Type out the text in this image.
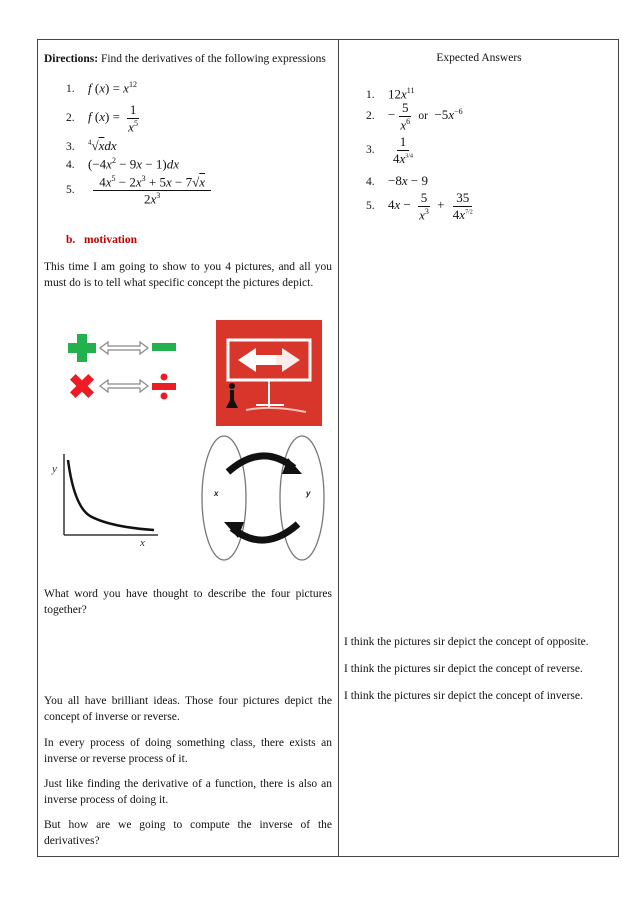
Directions: Find the derivatives of the following expressions
1. f $(x) = x^{12}$
2. f $(x) = \frac{1}{x^5}$
3. $^4$√xdx
4. $(-4x^2 - 9x - 1)dx$
5. $\frac{4x^5 - 2x^3 + 5x - 7√x}{2x^3}$
b. motivation
This time I am going to show to you 4 pictures, and all you must do is to tell what specific concept the pictures depict.
y
x
x	y
What word you have thought to describe the four pictures together?
You all have brilliant ideas. Those four pictures depict the concept of inverse or reverse.
In every process of doing something class, there exists an inverse or reverse process of it.
Just like finding the derivative of a function, there is also an inverse process of doing it.
But how are we going to compute the inverse of the derivatives?
Expected Answers
1. $12x^{11}$
2. − $\frac{5}{x^6}$ or  $-5x^{-6}$
3. $\frac{1}{4x^{3/4}}$
4. −8x − 9
5. $4x - \frac{5}{x^3} + \frac{35}{4x^{7/2}}$
I think the pictures sir depict the concept of opposite.
I think the pictures sir depict the concept of reverse.
I think the pictures sir depict the concept of inverse.
